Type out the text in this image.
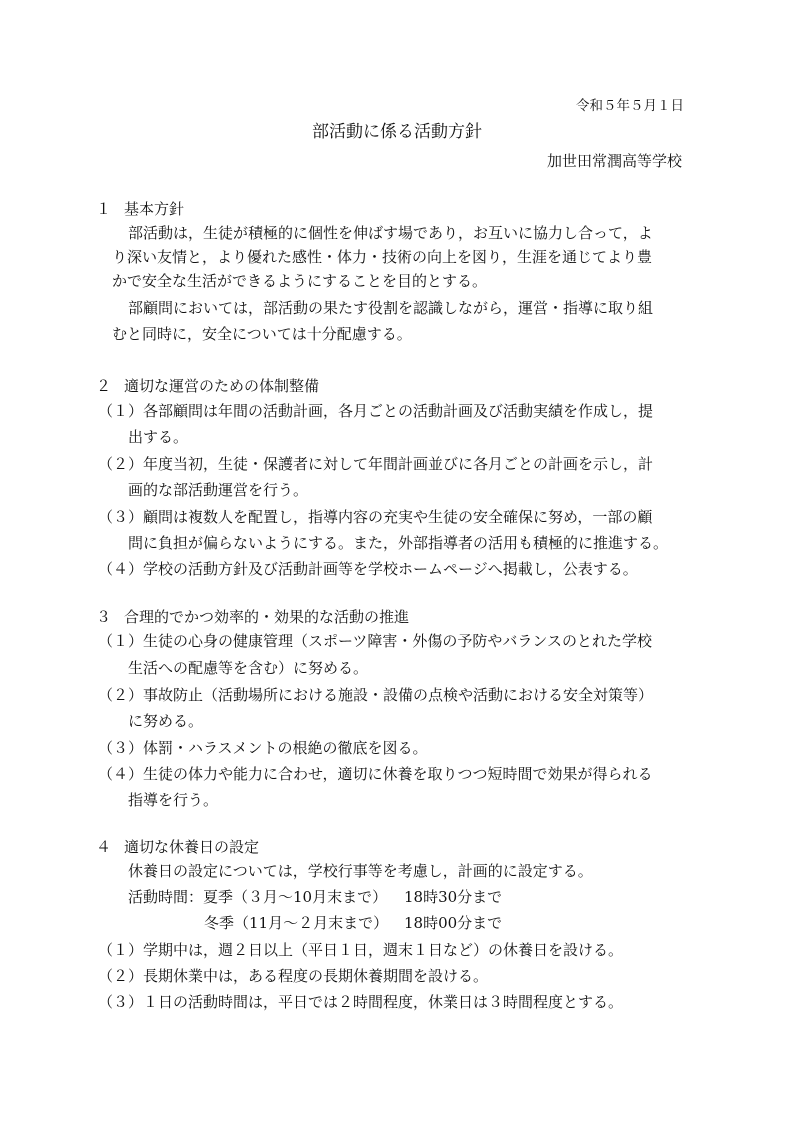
令和５年５月１日
部活動に係る活動方針
加世田常潤高等学校
１ 基本方針
部活動は，生徒が積極的に個性を伸ばす場であり，お互いに協力し合って，よ
り深い友情と，より優れた感性・体力・技術の向上を図り，生涯を通じてより豊
かで安全な生活ができるようにすることを目的とする。
部顧問においては，部活動の果たす役割を認識しながら，運営・指導に取り組
むと同時に，安全については十分配慮する。
２ 適切な運営のための体制整備
（１）各部顧問は年間の活動計画，各月ごとの活動計画及び活動実績を作成し，提
出する。
（２）年度当初，生徒・保護者に対して年間計画並びに各月ごとの計画を示し，計
画的な部活動運営を行う。
（３）顧問は複数人を配置し，指導内容の充実や生徒の安全確保に努め，一部の顧
問に負担が偏らないようにする。また，外部指導者の活用も積極的に推進する。
（４）学校の活動方針及び活動計画等を学校ホームページへ掲載し，公表する。
３ 合理的でかつ効率的・効果的な活動の推進
（１）生徒の心身の健康管理（スポーツ障害・外傷の予防やバランスのとれた学校
生活への配慮等を含む）に努める。
（２）事故防止（活動場所における施設・設備の点検や活動における安全対策等）
に努める。
（３）体罰・ハラスメントの根絶の徹底を図る。
（４）生徒の体力や能力に合わせ，適切に休養を取りつつ短時間で効果が得られる
指導を行う。
４ 適切な休養日の設定
休養日の設定については，学校行事等を考慮し，計画的に設定する。
活動時間：夏季（３月～10月末まで） 18時30分まで
冬季（11月～２月末まで） 18時00分まで
（１）学期中は，週２日以上（平日１日，週末１日など）の休養日を設ける。
（２）長期休業中は，ある程度の長期休養期間を設ける。
（３）１日の活動時間は，平日では２時間程度，休業日は３時間程度とする。
